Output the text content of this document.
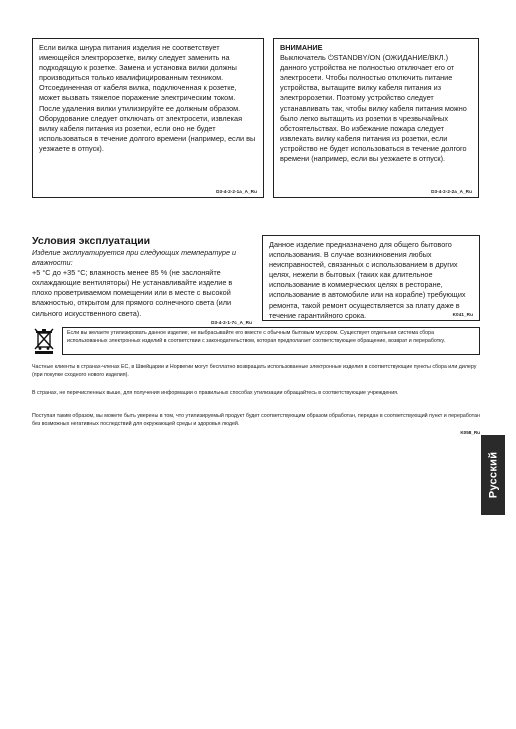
Если вилка шнура питания изделия не соответствует имеющейся электророзетке, вилку следует заменить на подходящую к розетке. Замена и установка вилки должны производиться только квалифицированным техником. Отсоединенная от кабеля вилка, подключенная к розетке, может вызвать тяжелое поражение электрическим током. После удаления вилки утилизируйте ее должным образом. Оборудование следует отключать от электросети, извлекая вилку кабеля питания из розетки, если оно не будет использоваться в течение долгого времени (например, если вы уезжаете в отпуск).

D3-4-2-2-1a_A_Ru

ВНИМАНИЕ

Выключатель ⏻STANDBY/ON (ОЖИДАНИЕ/ВКЛ.) данного устройства не полностью отключает его от электросети. Чтобы полностью отключить питание устройства, вытащите вилку кабеля питания из электророзетки. Поэтому устройство следует устанавливать так, чтобы вилку кабеля питания можно было легко вытащить из розетки в чрезвычайных обстоятельствах. Во избежание пожара следует извлекать вилку кабеля питания из розетки, если устройство не будет использоваться в течение долгого времени (например, если вы уезжаете в отпуск).

D3-4-2-2-2a_A_Ru

Условия эксплуатации

Изделие эксплуатируется при следующих температуре и влажности:

+5 °C до +35 °C; влажность менее 85 % (не заслоняйте охлаждающие вентиляторы) Не устанавливайте изделие в плохо проветриваемом помещении или в месте с высокой влажностью, открытом для прямого солнечного света (или сильного искусственного света).

D3-4-2-1-7c_A_Ru

Данное изделие предназначено для общего бытового использования. В случае возникновения любых неисправностей, связанных с использованием в других целях, нежели в бытовых (таких как длительное использование в коммерческих целях в ресторане, использование в автомобиле или на корабле) требующих ремонта, такой ремонт осуществляется за плату даже в течение гарантийного срока.	K041_Ru

Если вы желаете утилизировать данное изделие, не выбрасывайте его вместе с обычным бытовым мусором. Существует отдельная система сбора использованных электронных изделий в соответствии с законодательством, которая предполагает соответствующее обращение, возврат и переработку.

Частные клиенты в странах-членах ЕС, в Швейцарии и Норвегии могут бесплатно возвращать использованные электронные изделия в соответствующие пункты сбора или дилеру (при покупке сходного нового изделия).

В странах, не перечисленных выше, для получения информации о правильных способах утилизации обращайтесь в соответствующие учреждения.

Поступая таким образом, вы можете быть уверены в том, что утилизируемый продукт будет соответствующим образом обработан, передан в соответствующий пункт и переработан без возможных негативных последствий для окружающей среды и здоровья людей.

K058_Ru
Русский
